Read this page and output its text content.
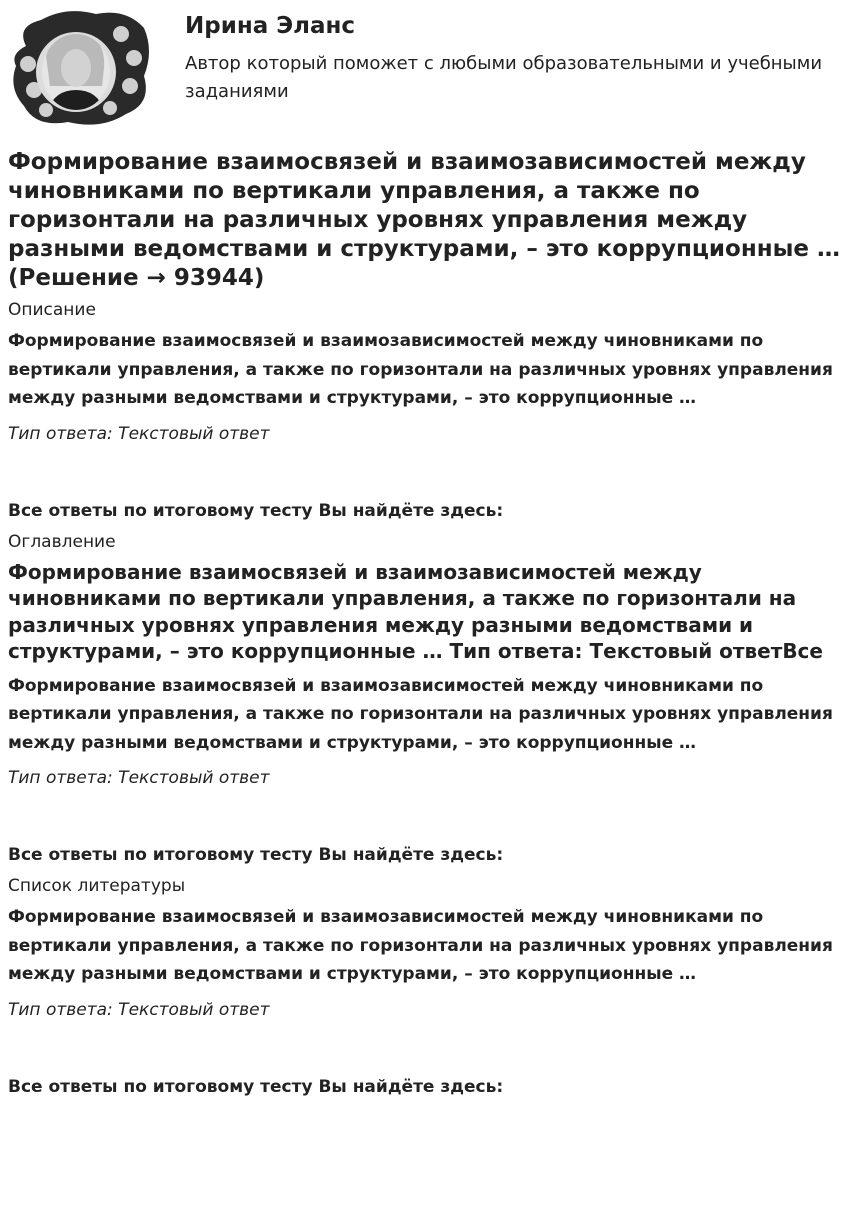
Ирина Эланс
Автор который поможет с любыми образовательными и учебными заданиями
Формирование взаимосвязей и взаимозависимостей между чиновниками по вертикали управления, а также по горизонтали на различных уровнях управления между разными ведомствами и структурами, – это коррупционные … (Решение → 93944)
Описание
Формирование взаимосвязей и взаимозависимостей между чиновниками по вертикали управления, а также по горизонтали на различных уровнях управления между разными ведомствами и структурами, – это коррупционные …
Тип ответа: Текстовый ответ
Все ответы по итоговому тесту Вы найдёте здесь:
Оглавление
Формирование взаимосвязей и взаимозависимостей между чиновниками по вертикали управления, а также по горизонтали на различных уровнях управления между разными ведомствами и структурами, – это коррупционные … Тип ответа: Текстовый ответВсе
Формирование взаимосвязей и взаимозависимостей между чиновниками по вертикали управления, а также по горизонтали на различных уровнях управления между разными ведомствами и структурами, – это коррупционные …
Тип ответа: Текстовый ответ
Все ответы по итоговому тесту Вы найдёте здесь:
Список литературы
Формирование взаимосвязей и взаимозависимостей между чиновниками по вертикали управления, а также по горизонтали на различных уровнях управления между разными ведомствами и структурами, – это коррупционные …
Тип ответа: Текстовый ответ
Все ответы по итоговому тесту Вы найдёте здесь:
